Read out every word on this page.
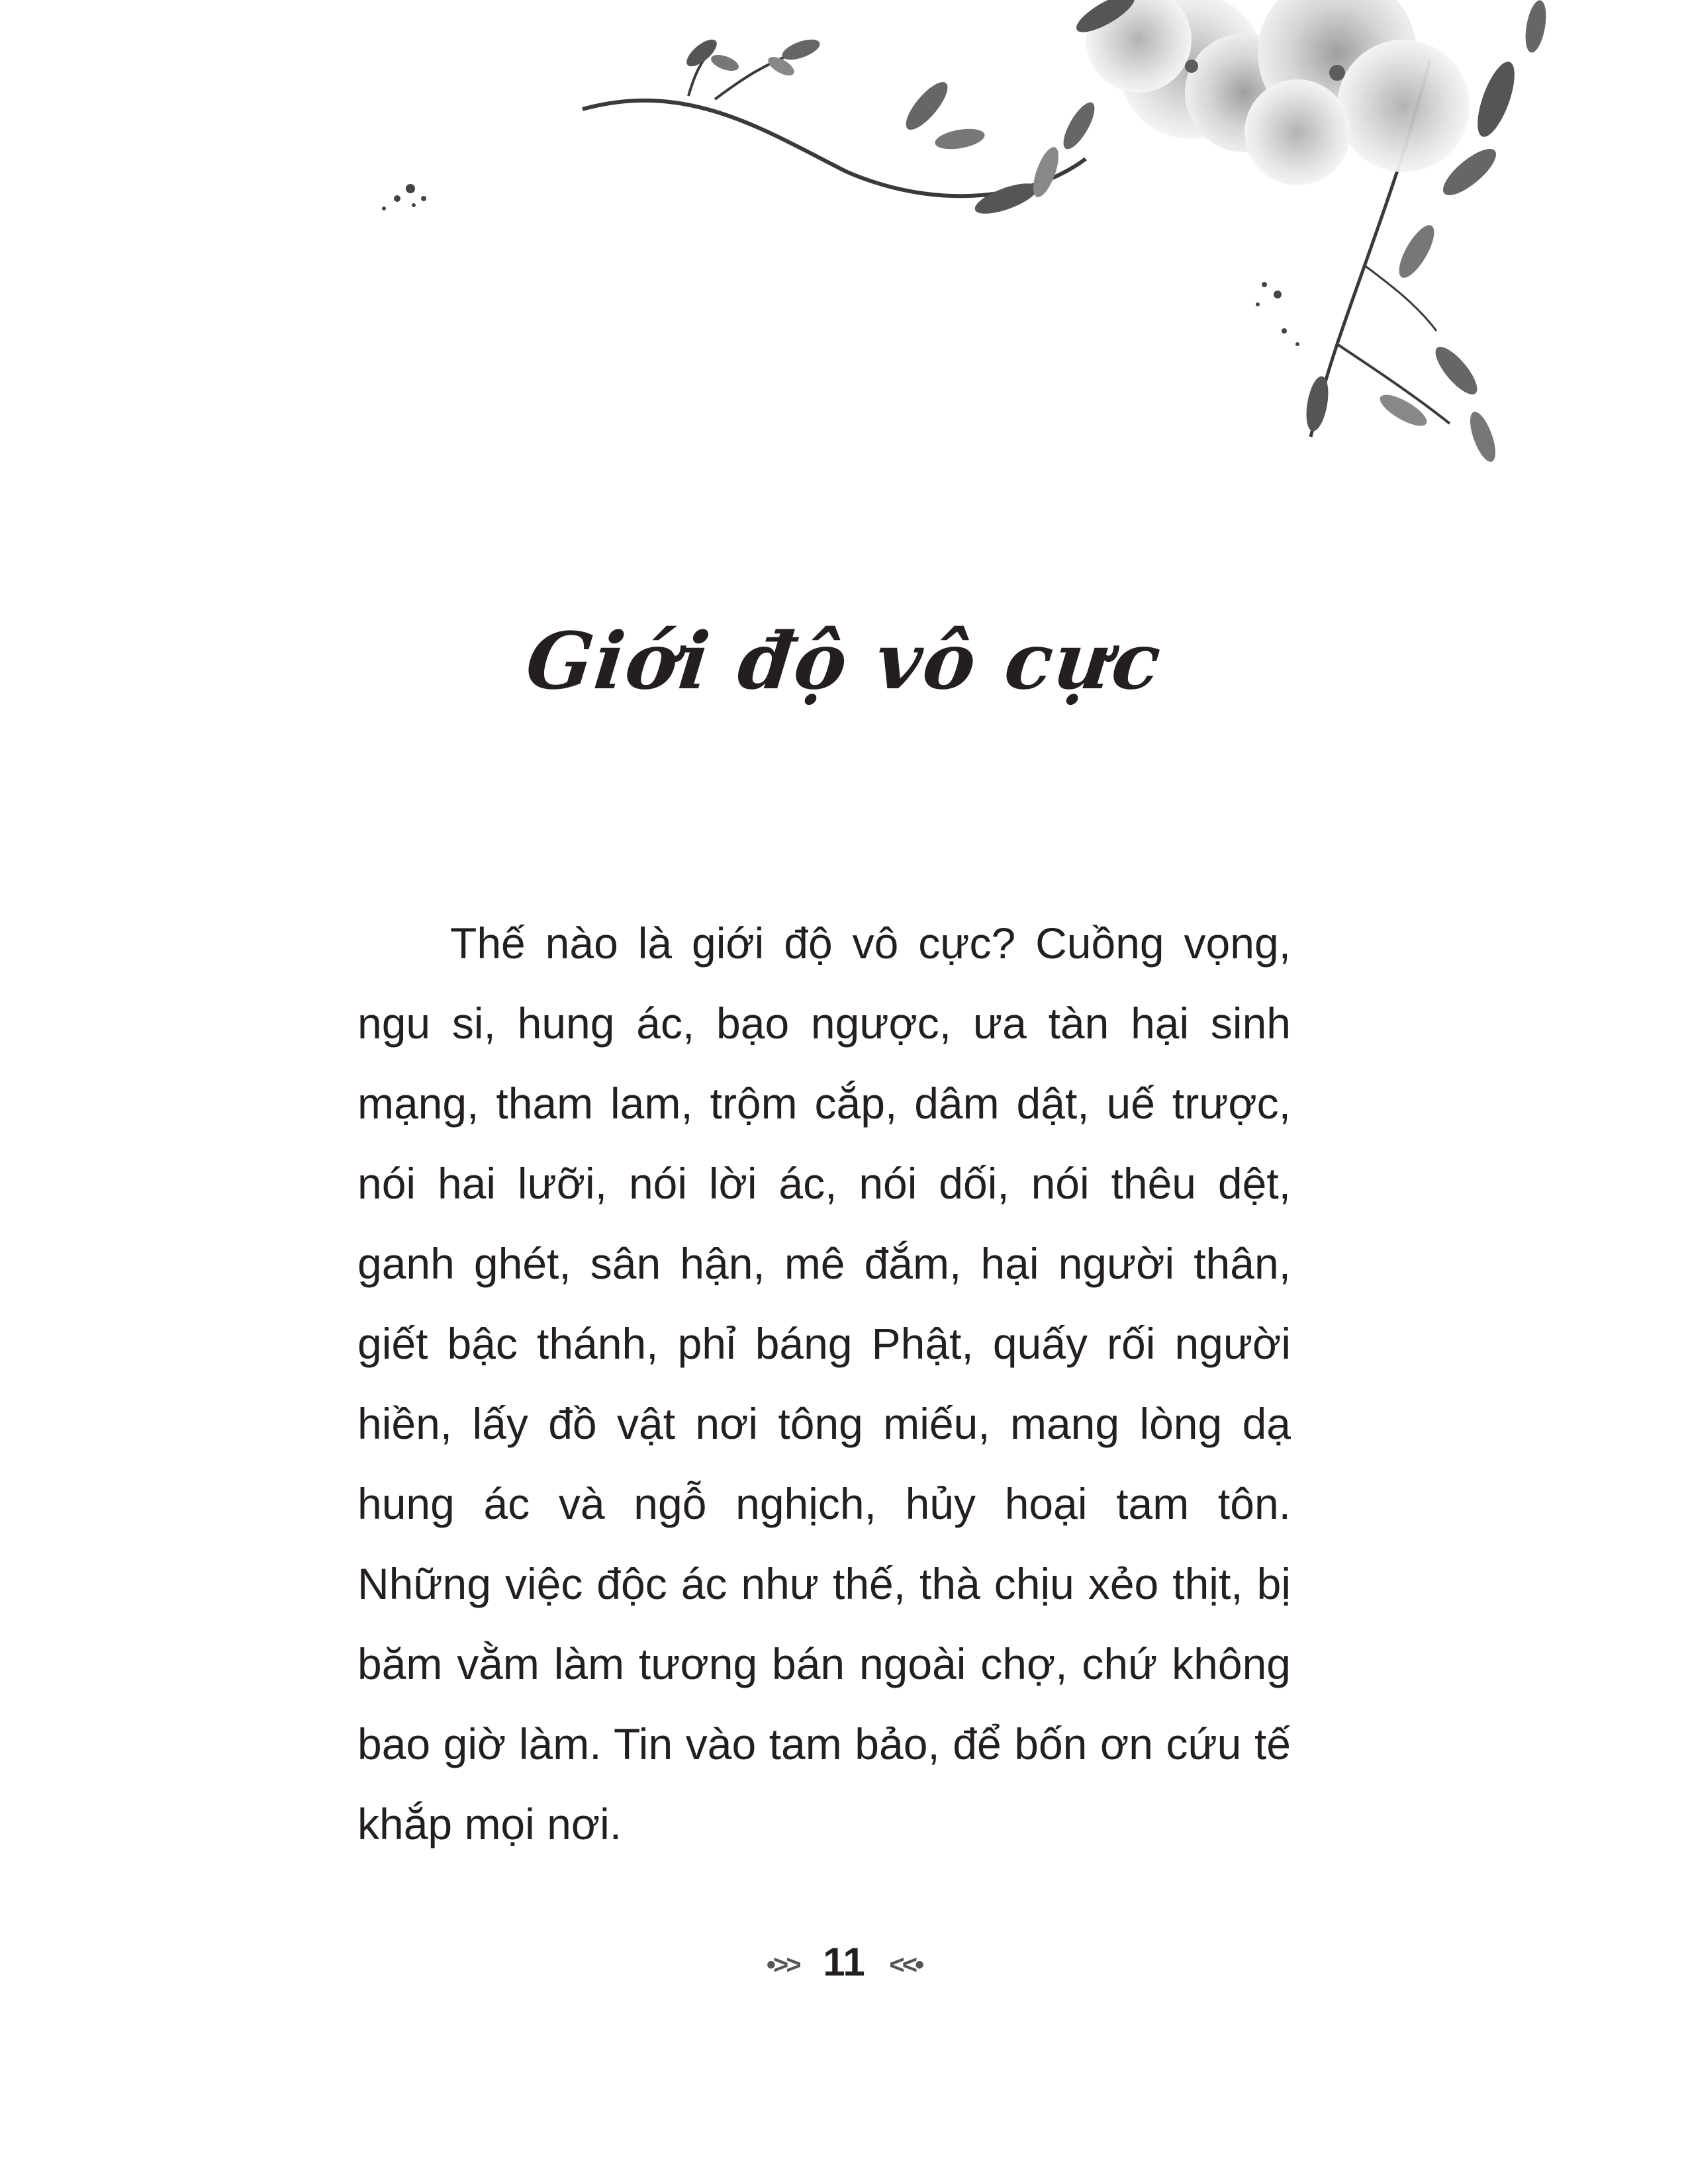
Giới độ vô cực

Thế nào là giới độ vô cực? Cuồng vọng, ngu si, hung ác, bạo ngược, ưa tàn hại sinh mạng, tham lam, trộm cắp, dâm dật, uế trược, nói hai lưỡi, nói lời ác, nói dối, nói thêu dệt, ganh ghét, sân hận, mê đắm, hại người thân, giết bậc thánh, phỉ báng Phật, quấy rối người hiền, lấy đồ vật nơi tông miếu, mang lòng dạ hung ác và ngỗ nghịch, hủy hoại tam tôn. Những việc độc ác như thế, thà chịu xẻo thịt, bị băm vằm làm tương bán ngoài chợ, chứ không bao giờ làm. Tin vào tam bảo, để bốn ơn cứu tế khắp mọi nơi.

•>> 11 <<•
